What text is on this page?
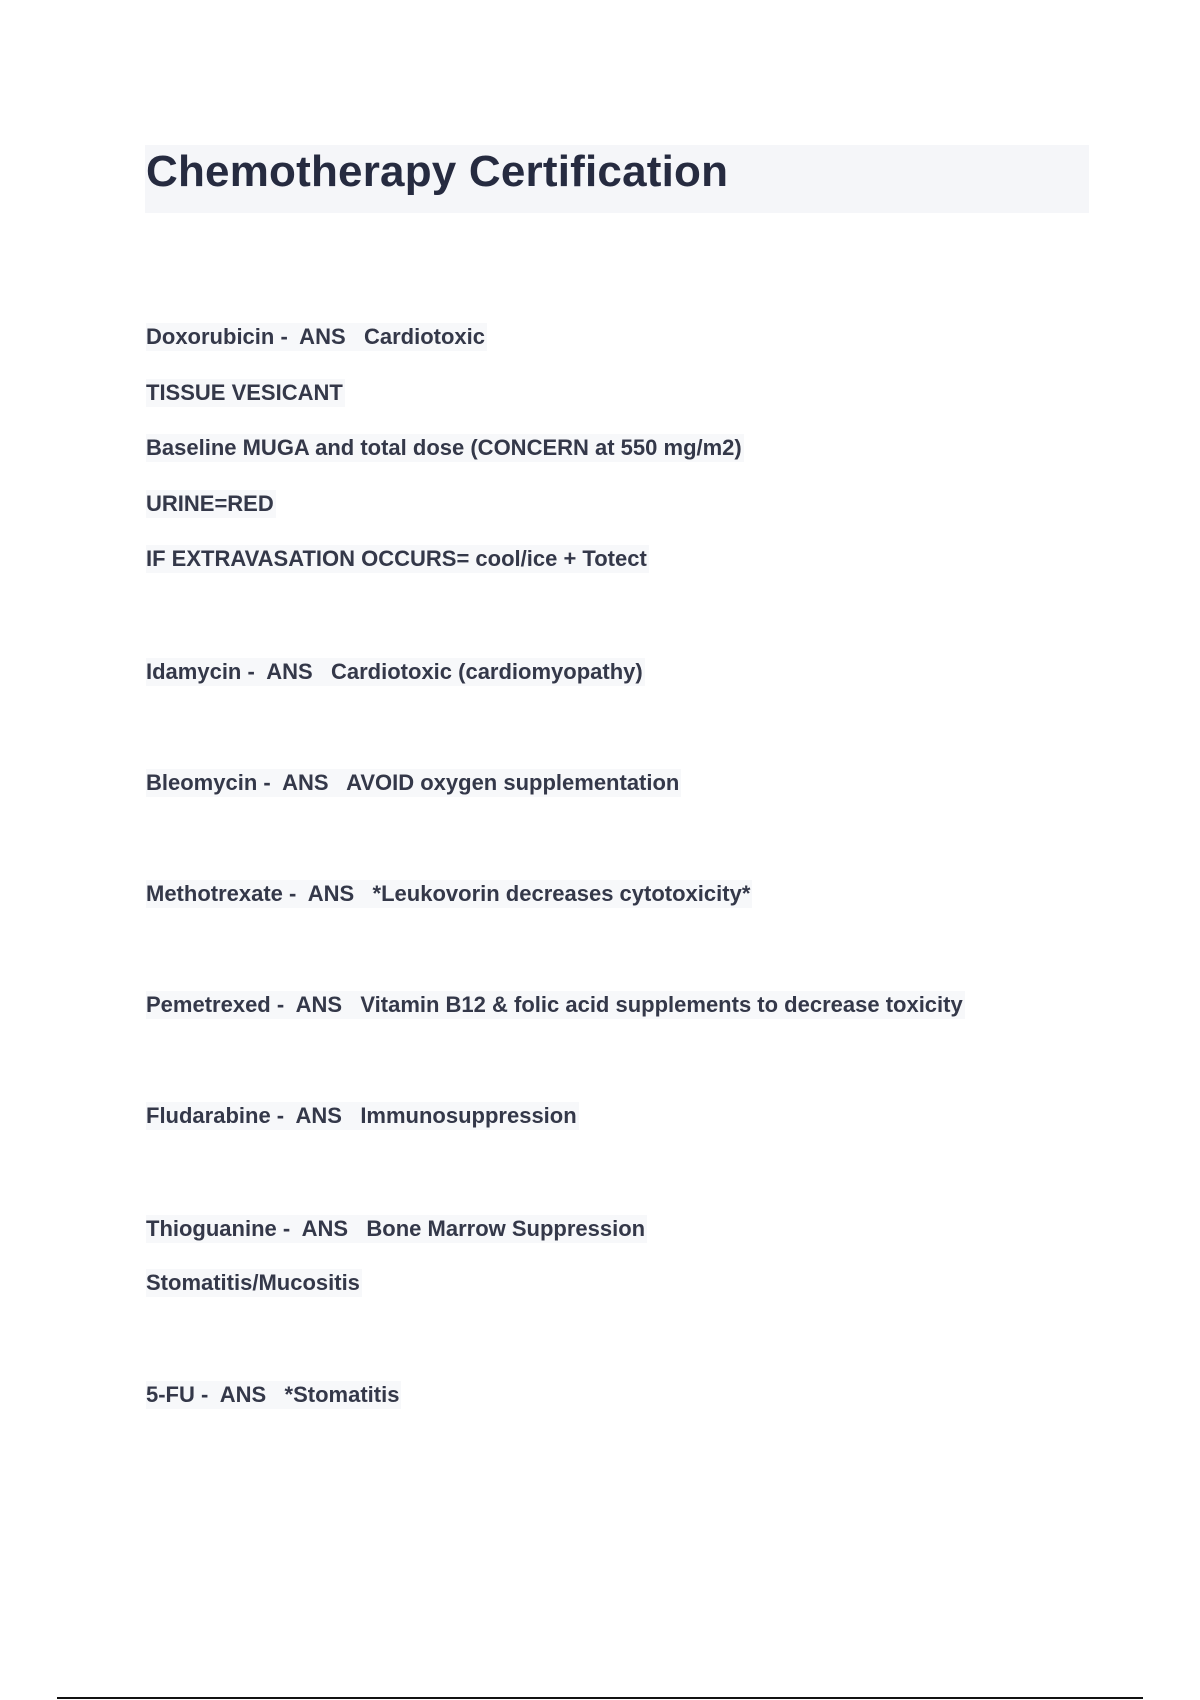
Chemotherapy Certification

Doxorubicin -  ANS   Cardiotoxic

TISSUE VESICANT

Baseline MUGA and total dose (CONCERN at 550 mg/m2)

URINE=RED

IF EXTRAVASATION OCCURS= cool/ice + Totect

Idamycin -  ANS   Cardiotoxic (cardiomyopathy)

Bleomycin -  ANS   AVOID oxygen supplementation

Methotrexate -  ANS   *Leukovorin decreases cytotoxicity*

Pemetrexed -  ANS   Vitamin B12 & folic acid supplements to decrease toxicity

Fludarabine -  ANS   Immunosuppression

Thioguanine -  ANS   Bone Marrow Suppression

Stomatitis/Mucositis

5-FU -  ANS   *Stomatitis
